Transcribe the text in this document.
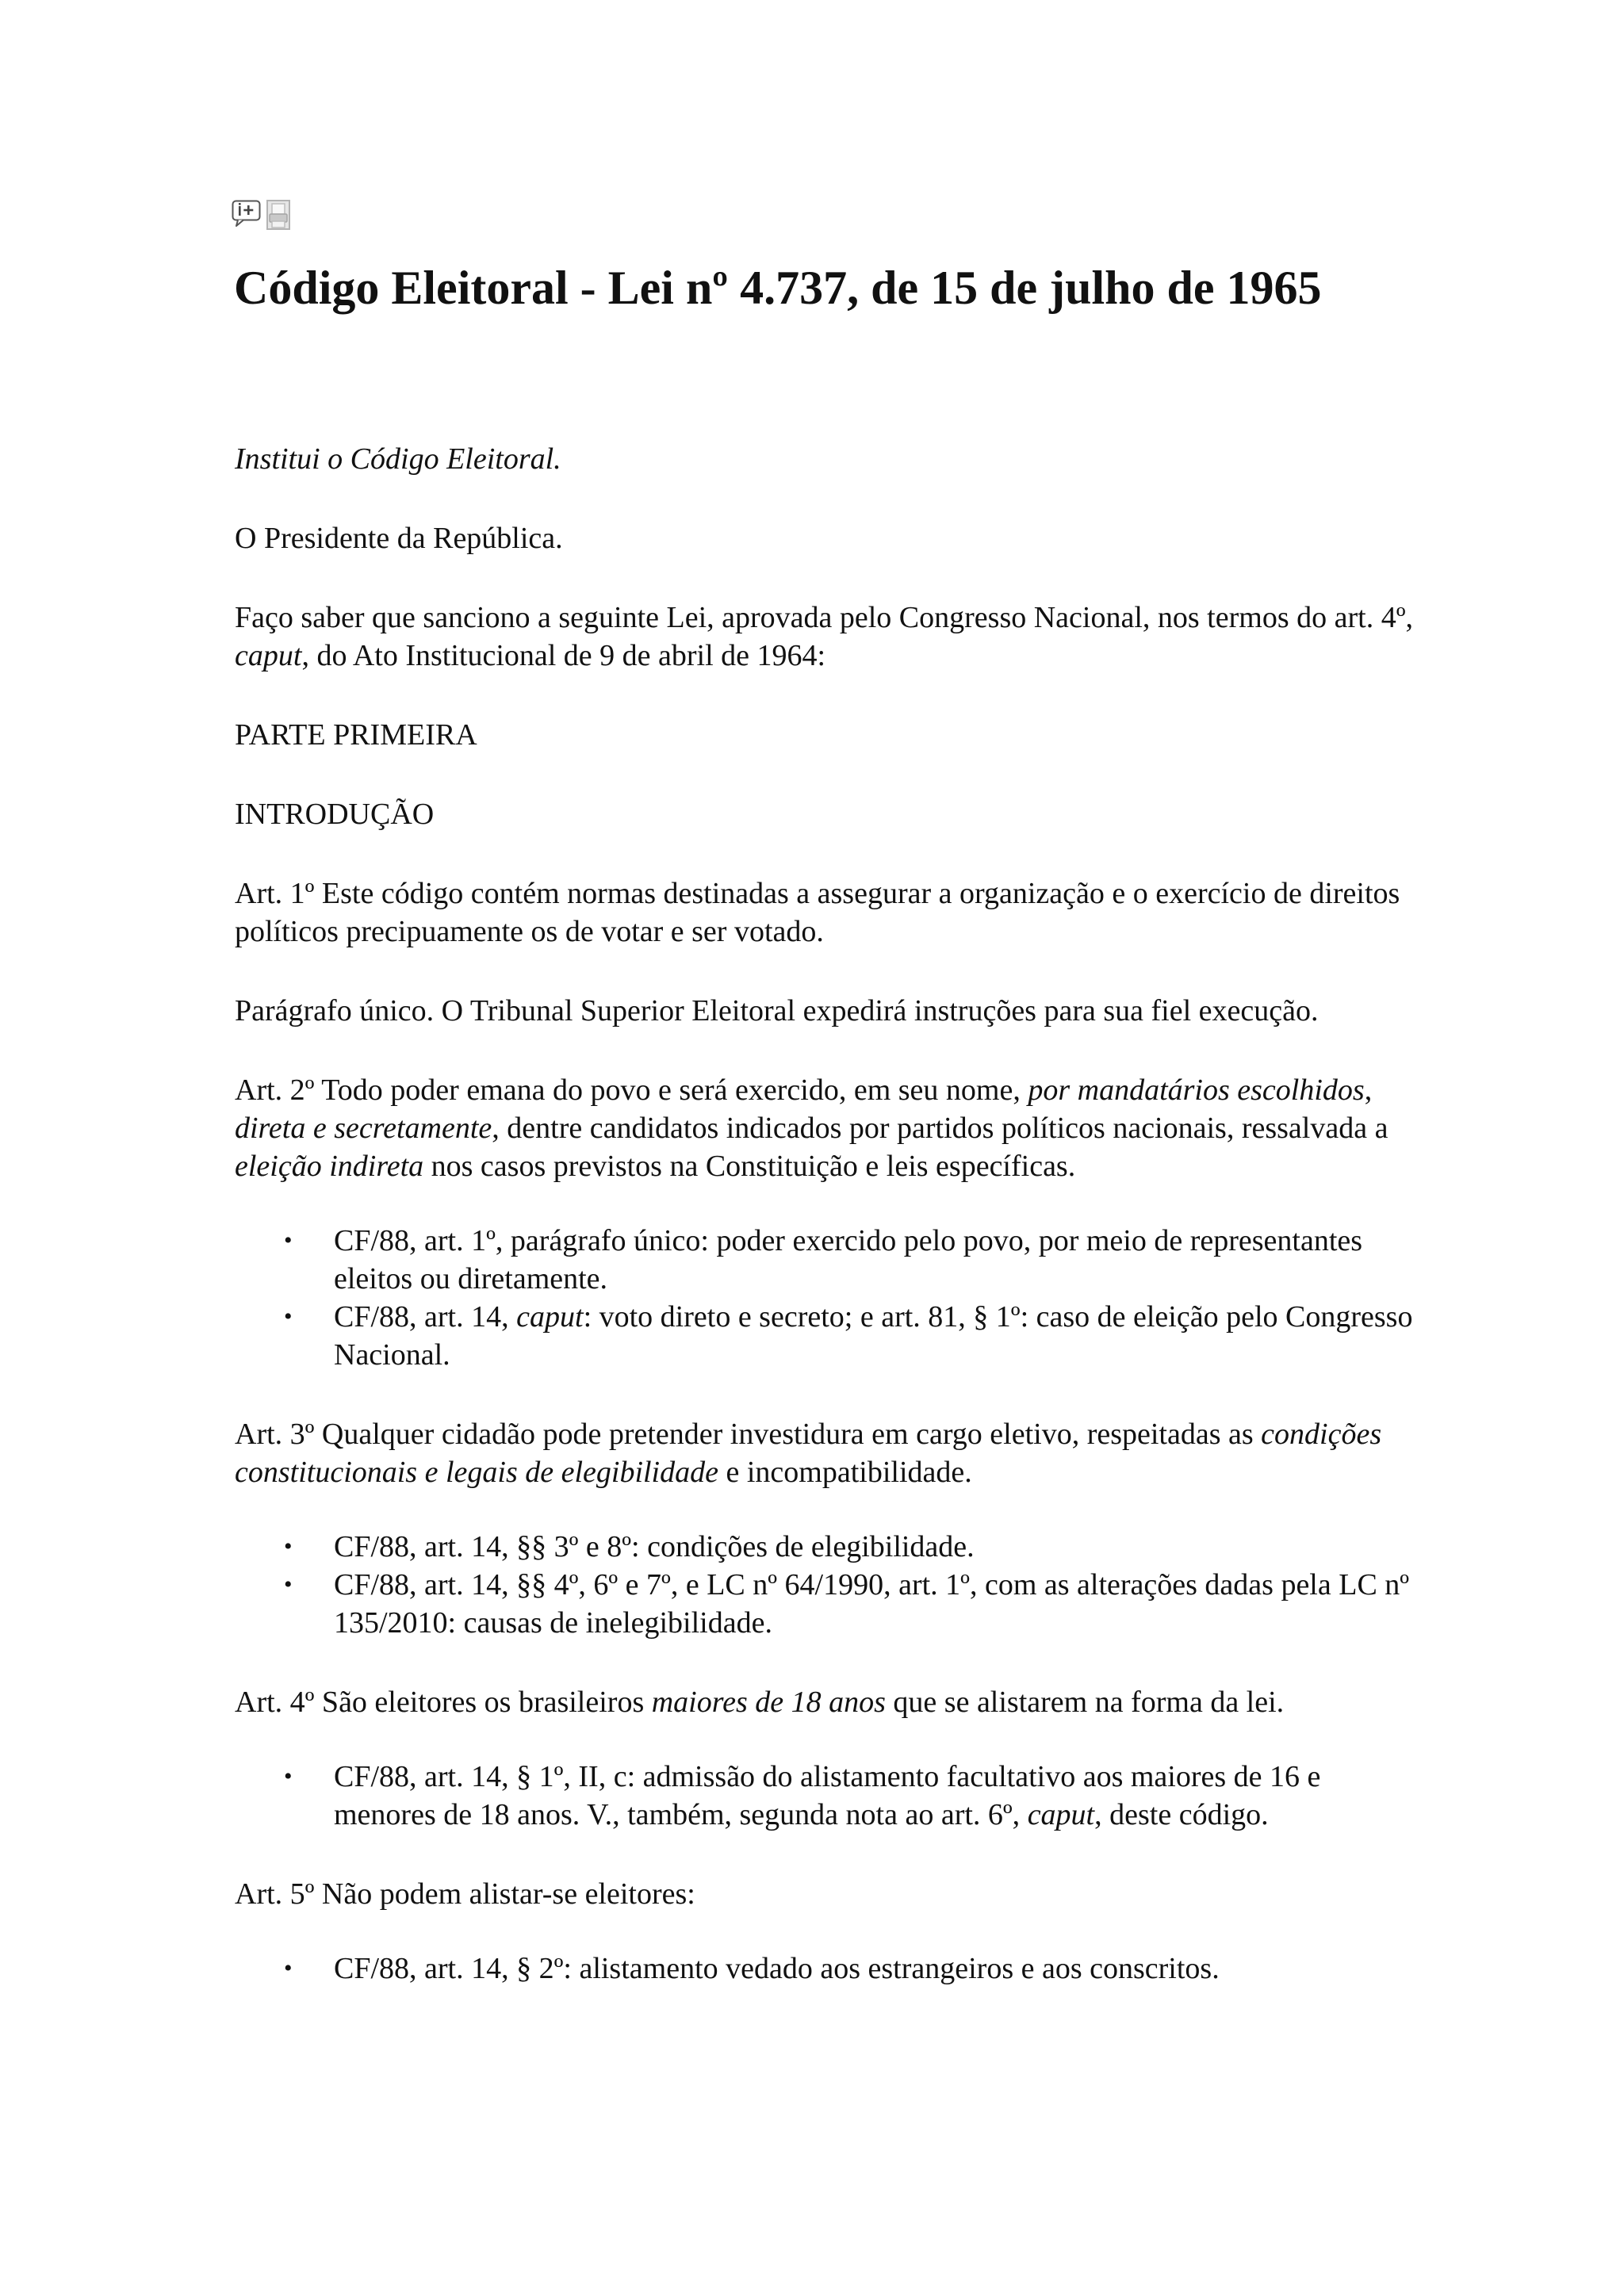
Código Eleitoral - Lei nº 4.737, de 15 de julho de 1965

Institui o Código Eleitoral.

O Presidente da República.

Faço saber que sanciono a seguinte Lei, aprovada pelo Congresso Nacional, nos termos do art. 4º, caput, do Ato Institucional de 9 de abril de 1964:

PARTE PRIMEIRA

INTRODUÇÃO

Art. 1º Este código contém normas destinadas a assegurar a organização e o exercício de direitos políticos precipuamente os de votar e ser votado.

Parágrafo único. O Tribunal Superior Eleitoral expedirá instruções para sua fiel execução.

Art. 2º Todo poder emana do povo e será exercido, em seu nome, por mandatários escolhidos, direta e secretamente, dentre candidatos indicados por partidos políticos nacionais, ressalvada a eleição indireta nos casos previstos na Constituição e leis específicas.

• CF/88, art. 1º, parágrafo único: poder exercido pelo povo, por meio de representantes eleitos ou diretamente.
• CF/88, art. 14, caput: voto direto e secreto; e art. 81, § 1º: caso de eleição pelo Congresso Nacional.

Art. 3º Qualquer cidadão pode pretender investidura em cargo eletivo, respeitadas as condições constitucionais e legais de elegibilidade e incompatibilidade.

• CF/88, art. 14, §§ 3º e 8º: condições de elegibilidade.
• CF/88, art. 14, §§ 4º, 6º e 7º, e LC nº 64/1990, art. 1º, com as alterações dadas pela LC nº 135/2010: causas de inelegibilidade.

Art. 4º São eleitores os brasileiros maiores de 18 anos que se alistarem na forma da lei.

• CF/88, art. 14, § 1º, II, c: admissão do alistamento facultativo aos maiores de 16 e menores de 18 anos. V., também, segunda nota ao art. 6º, caput, deste código.

Art. 5º Não podem alistar-se eleitores:

• CF/88, art. 14, § 2º: alistamento vedado aos estrangeiros e aos conscritos.
